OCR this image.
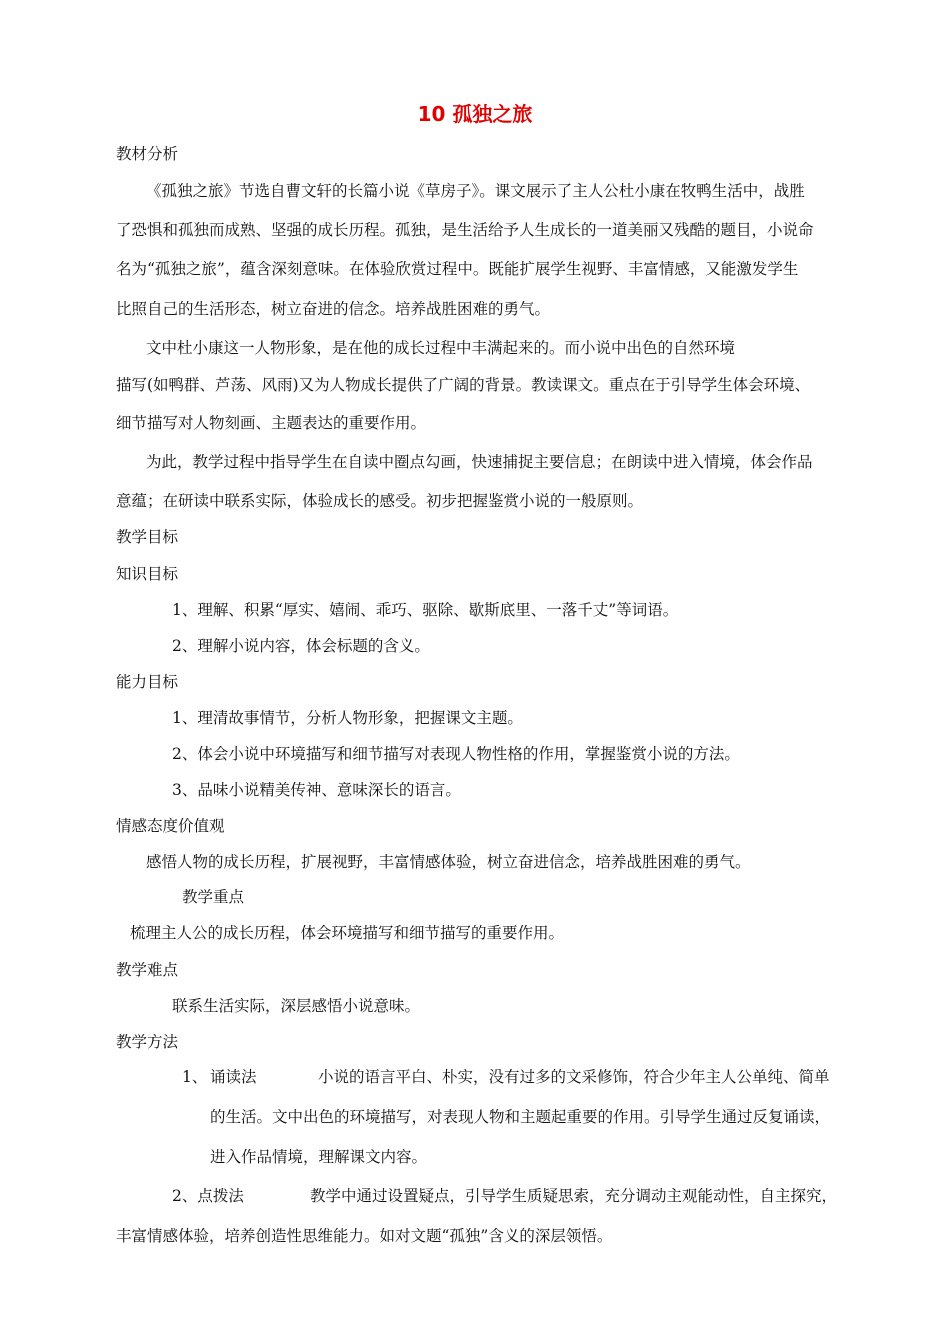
10 孤独之旅
教材分析
《孤独之旅》节选自曹文轩的长篇小说《草房子》。课文展示了主人公杜小康在牧鸭生活中，战胜
了恐惧和孤独而成熟、坚强的成长历程。孤独，是生活给予人生成长的一道美丽又残酷的题目，小说命
名为“孤独之旅”，蕴含深刻意味。在体验欣赏过程中。既能扩展学生视野、丰富情感，又能激发学生
比照自己的生活形态，树立奋进的信念。培养战胜困难的勇气。
文中杜小康这一人物形象，是在他的成长过程中丰满起来的。而小说中出色的自然环境
描写(如鸭群、芦荡、风雨)又为人物成长提供了广阔的背景。教读课文。重点在于引导学生体会环境、
细节描写对人物刻画、主题表达的重要作用。
为此，教学过程中指导学生在自读中圈点勾画，快速捕捉主要信息；在朗读中进入情境，体会作品
意蕴；在研读中联系实际，体验成长的感受。初步把握鉴赏小说的一般原则。
教学目标
知识目标
1、理解、积累“厚实、嬉闹、乖巧、驱除、歇斯底里、一落千丈”等词语。
2、理解小说内容，体会标题的含义。
能力目标
1、理清故事情节，分析人物形象，把握课文主题。
2、体会小说中环境描写和细节描写对表现人物性格的作用，掌握鉴赏小说的方法。
3、品味小说精美传神、意味深长的语言。
情感态度价值观
感悟人物的成长历程，扩展视野，丰富情感体验，树立奋进信念，培养战胜困难的勇气。
教学重点
梳理主人公的成长历程，体会环境描写和细节描写的重要作用。
教学难点
联系生活实际，深层感悟小说意味。
教学方法
1、 诵读法	小说的语言平白、朴实，没有过多的文采修饰，符合少年主人公单纯、简单
的生活。文中出色的环境描写，对表现人物和主题起重要的作用。引导学生通过反复诵读，
进入作品情境，理解课文内容。
2、点拨法	教学中通过设置疑点，引导学生质疑思索，充分调动主观能动性，自主探究，
丰富情感体验，培养创造性思维能力。如对文题“孤独”含义的深层领悟。
